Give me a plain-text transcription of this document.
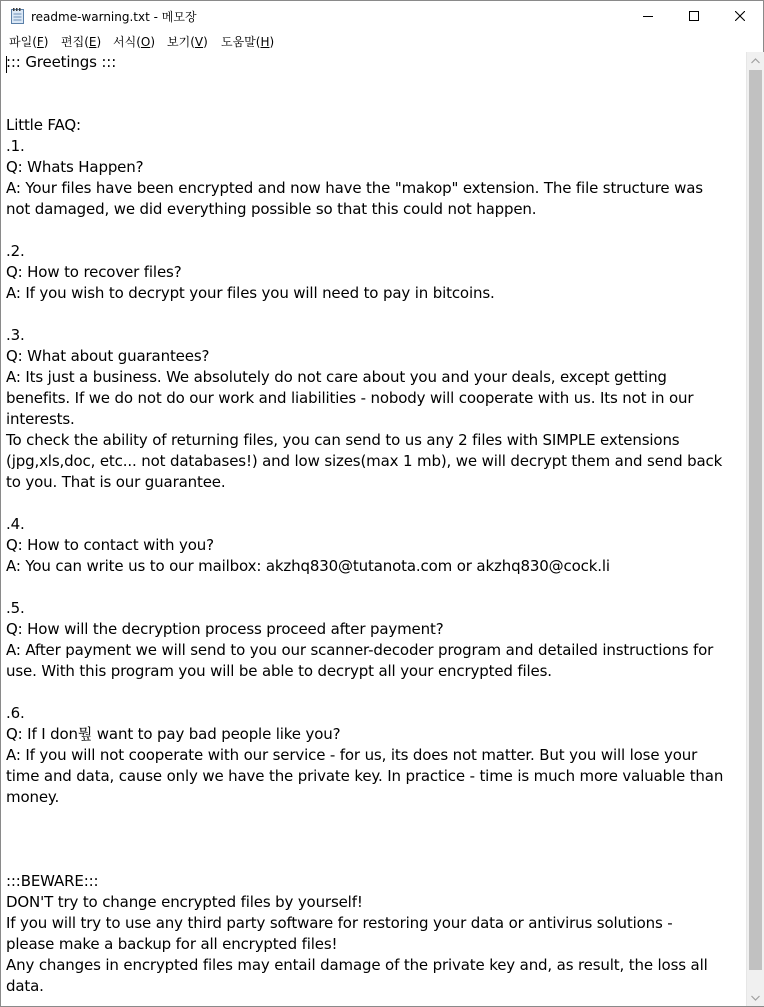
readme-warning.txt - 메모장
파일(F) 편집(E) 서식(O) 보기(V) 도움말(H)
::: Greetings :::
Little FAQ:
.1.
Q: Whats Happen?
A: Your files have been encrypted and now have the "makop" extension. The file structure was
not damaged, we did everything possible so that this could not happen.
.2.
Q: How to recover files?
A: If you wish to decrypt your files you will need to pay in bitcoins.
.3.
Q: What about guarantees?
A: Its just a business. We absolutely do not care about you and your deals, except getting
benefits. If we do not do our work and liabilities - nobody will cooperate with us. Its not in our
interests.
To check the ability of returning files, you can send to us any 2 files with SIMPLE extensions
(jpg,xls,doc, etc... not databases!) and low sizes(max 1 mb), we will decrypt them and send back
to you. That is our guarantee.
.4.
Q: How to contact with you?
A: You can write us to our mailbox: akzhq830@tutanota.com or akzhq830@cock.li
.5.
Q: How will the decryption process proceed after payment?
A: After payment we will send to you our scanner-decoder program and detailed instructions for
use. With this program you will be able to decrypt all your encrypted files.
.6.
Q: If I don뭪 want to pay bad people like you?
A: If you will not cooperate with our service - for us, its does not matter. But you will lose your
time and data, cause only we have the private key. In practice - time is much more valuable than
money.
:::BEWARE:::
DON'T try to change encrypted files by yourself!
If you will try to use any third party software for restoring your data or antivirus solutions -
please make a backup for all encrypted files!
Any changes in encrypted files may entail damage of the private key and, as result, the loss all
data.
